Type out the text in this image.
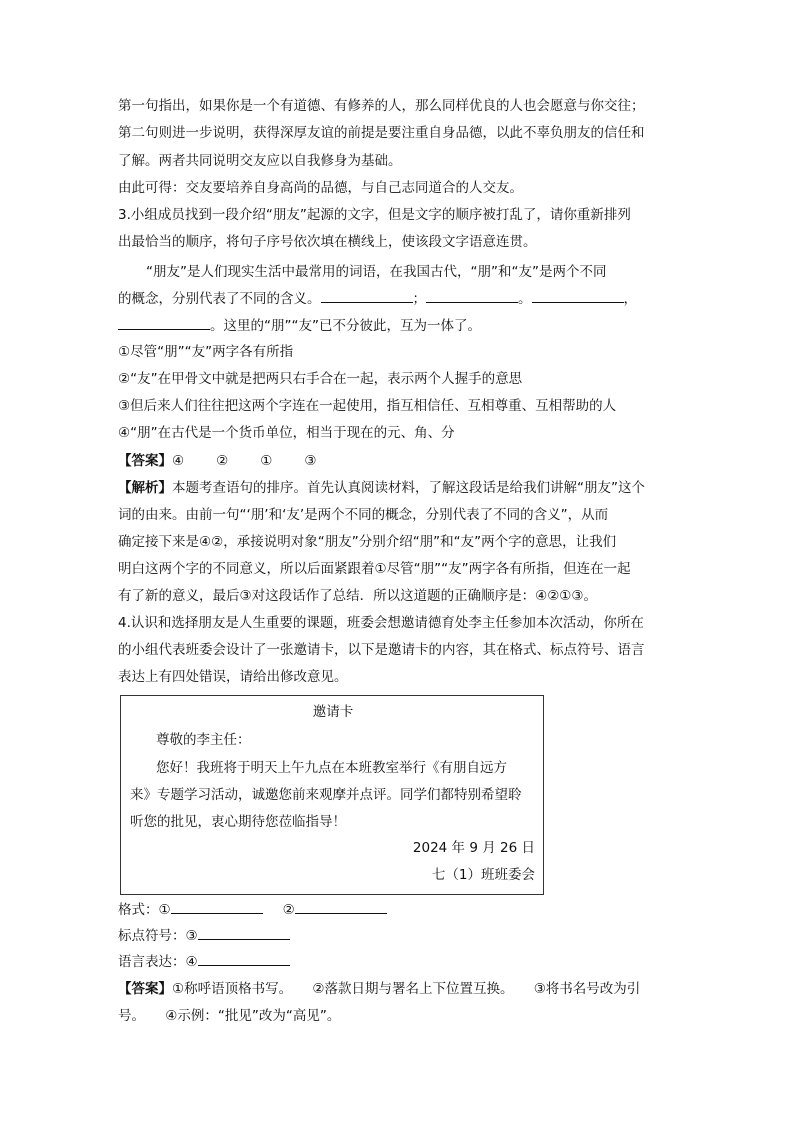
第一句指出，如果你是一个有道德、有修养的人，那么同样优良的人也会愿意与你交往；
第二句则进一步说明，获得深厚友谊的前提是要注重自身品德，以此不辜负朋友的信任和
了解。两者共同说明交友应以自我修身为基础。
由此可得：交友要培养自身高尚的品德，与自己志同道合的人交友。
3.小组成员找到一段介绍“朋友”起源的文字，但是文字的顺序被打乱了，请你重新排列
出最恰当的顺序，将句子序号依次填在横线上，使该段文字语意连贯。
“朋友”是人们现实生活中最常用的词语，在我国古代，“朋”和“友”是两个不同
的概念，分别代表了不同的含义。	；	。	，
。这里的“朋”“友”已不分彼此，互为一体了。
①尽管“朋”“友”两字各有所指
②“友”在甲骨文中就是把两只右手合在一起，表示两个人握手的意思
③但后来人们往往把这两个字连在一起使用，指互相信任、互相尊重、互相帮助的人
④“朋”在古代是一个货币单位，相当于现在的元、角、分
【答案】④ ② ① ③
【解析】本题考查语句的排序。首先认真阅读材料，了解这段话是给我们讲解“朋友”这个
词的由来。由前一句“‘朋’和‘友’是两个不同的概念，分别代表了不同的含义”，从而
确定接下来是④②，承接说明对象“朋友”分别介绍“朋”和“友”两个字的意思，让我们
明白这两个字的不同意义，所以后面紧跟着①尽管“朋”“友”两字各有所指，但连在一起
有了新的意义，最后③对这段话作了总结．所以这道题的正确顺序是：④②①③。
4.认识和选择朋友是人生重要的课题，班委会想邀请德育处李主任参加本次活动，你所在
的小组代表班委会设计了一张邀请卡，以下是邀请卡的内容，其在格式、标点符号、语言
表达上有四处错误，请给出修改意见。
邀请卡
尊敬的李主任：
您好！我班将于明天上午九点在本班教室举行《有朋自远方
来》专题学习活动，诚邀您前来观摩并点评。同学们都特别希望聆
听您的批见，衷心期待您莅临指导！
2024 年 9 月 26 日
七（1）班班委会
格式：①	②
标点符号：③
语言表达：④
【答案】①称呼语顶格书写。　　②落款日期与署名上下位置互换。　　③将书名号改为引
号。　　④示例：“批见”改为“高见”。
